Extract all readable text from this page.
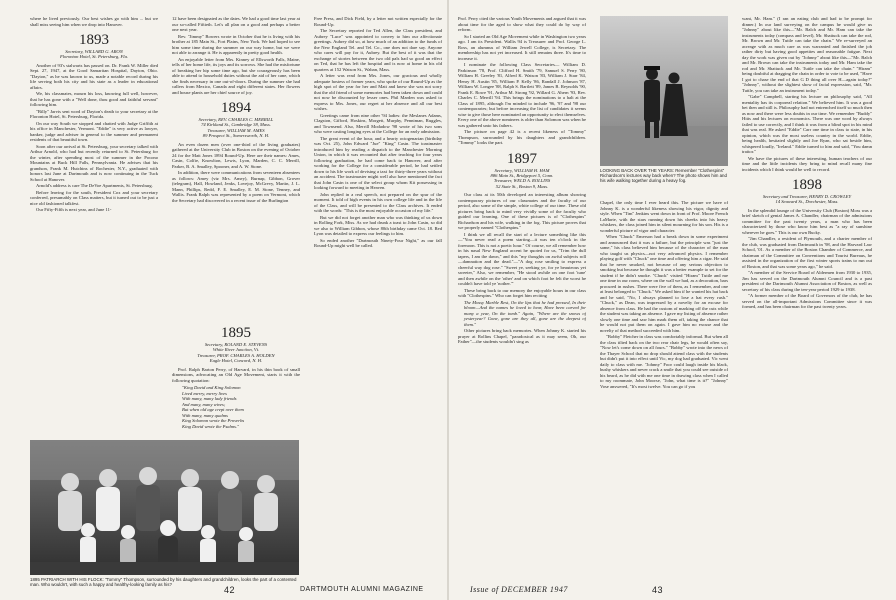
where he lived previously. Our best wishes go with him ... but we shall miss seeing him when we drop into Hanover.

1893
Secretary, WILLARD G. ARON
Floronton Hotel, St. Petersburg, Fla.

Another of 93's stalwarts has passed on. Dr. Frank W. Miller died Sept. 27, 1947, at the Good Samaritan Hospital, Dayton, Ohio. "Dayton," as he was known to us, made a notable record during his life serving both his city and his state as a leader in educational affairs.

We, his classmates, mourn his loss, knowing full well, however, that he has gone with a "Well done, thou good and faithful servant" following him.

"Billy" Jarvis sent word of Dayton's death to your secretary at the Floronton Hotel, St. Petersburg, Florida.

On our way South we stopped and chatted with Judge Griffith at his office in Manchester, Vermont. "Eddie" is very active as lawyer, banker, judge and adviser in general to the summer and permanent residents of that beautiful town.

Soon after our arrival at St. Petersburg, your secretary talked with Arthur Arnold, who had but recently returned to St. Petersburg for the winter, after spending most of the summer in the Pocono Mountains at Buck Hill Falls, Pennsylvania. He advises that his grandson, Frank M. Hutchins of Rochester, N.Y., graduated with honors last June at Dartmouth and is now continuing in the Tuck School at Hanover.

Arnold's address is care The DeVoe Apartments, St. Petersburg.

Before leaving for the south, President Cox and your secretary conferred, presumably on Class matters, but it turned out to be just a nice old fashioned talkfest.

Our Fifty-Fifth is next year, and June 11-

12 have been designated as the dates. We had a good time last year at our so-called Fiftieth. Let's all plan on a good and perhaps a better one next year.

Rev. "Jimmy" Bowers wrote in October that he is living with his brother at 185 Main St., Fort Plains, New York. We had hoped to see him some time during the summer on our way home, but we were not able to arrange it. He is apparently in pretty good health.

An enjoyable letter from Mrs. Kinney of Ellsworth Falls, Maine, tells of her home life, its joys and its sorrows. She had the misfortune of breaking her hip some time ago, but she courageously has been able to attend to household duties without the aid of her cane, which she finds necessary in one out-of-doors. During the summer she had callers from Mexico, Canada and eight different states. Her flowers and house plants are her chief source of joy.

1894
Secretary, REV. CHARLES C. MERRILL
74 Kirkland St., Cambridge 38, Mass.
Treasurer, WILLIAM M. AMES
89 Prospect St., Somersworth, N. H.

An even dozen men (over one-third of the living graduates) gathered at the University Club in Boston on the evening of October 24 for the Matt Jones 1894 Round-Up. Here are their names: Ames, Casin, Colfie, Knowlton, Lewis, Lyon, Marden, C. C. Merrill, Parker, B. A. Smalley, Spooner, and A. W. Stone.

In addition, there were communications from seventeen absentees as follows: Amey (viz Mrs. Amey), Burnap, Gibbon, Grover (telegram), Hall, Howland, Jenks, Lovejoy, McGrevy, Martin, J. L. Mann, Phillips, Redd, F. E. Smalley, E. M. Stone, Tenney, and Wallis. Frank Ralph was represented by a poem on Vermont, which the Secretary had discovered in a recent issue of the Burlington

Free Press, and Dick Field, by a letter not written especially for the Round-Up.

The Secretary reported for Ted Allen, the Class president, and Aubrey "Luce" was appointed to convey to him our affectionate greetings. Aubrey did so, at how much of an addition to the funds of the New England Tel. and Tel. Co., one does not dare say. Anyone who cares will pay for it, Aubrey. But the best of it was that the exchange of stories between the two old pals had so good an effect on Ted, that he has left the hospital and is now at home in his old quarters at 152 Watson St., Waban, Mass.

A letter was read from Mrs. Jones, our gracious and wholly adequate hostess of former years, who spoke of our Round-Up as the high spot of the year for her and Matt and knew she was not sorry that the old friend of some memories had been taken down and could not now be discounted by lesser ones. Phil Marden was asked to express to Mrs. Jones, our regret at her absence and all our best wishes.

Greetings came from nine other '94 ladies: the Meslanes Adams, Clagston, Gifford, Hoskins, Morgett, Murphy, Penniman, Ruggles, and Townsend. Also, Merrill Modadow '98 wrote of his two sons who were casting longing eyes at the College for an early admission.

The great event of the hour, and a hearty octogenarian (birthday was Oct. 25), John Edward "Jue" "King" Casin. The toastmaster introduced him by reading a dispatch to the Manchester Morning Union, in which it was recounted that after teaching for four years following graduation, he had come back to Hanover, and after working for the College for a considerable period, he had settled down to his life work of devising a taxi for thirty-three years without an accident. The toastmaster might well also have mentioned the fact that John Casin is one of the select group whom Kit possessing in looking forward to meeting in Heaven.

John replied in a real speech, not prepared on the spur of the moment. It told of high events in his own college life and in the life of the Class, and will be presented to the Class archives. It ended with the words: "This is the most enjoyable occasion of my life."

But we did not forget another man who was thinking of us down in Rolling Fork, Miss. As we had drunk a toast to John Casin, so did we also to William Gibbon, whose 80th birthday came Oct. 18. Red Lyon was detailed to express our feelings to him.

So ended another "Dartmouth Ninety-Four Night," as our fall Round-Up might well be called.

1895 PATRIARCH WITH HIS FLOCK: "Tommy" Thompson, surrounded by his daughters and grandchildren, looks the part of a contented man. Who wouldn't, with such a happy and healthy-looking family as his?
42	DARTMOUTH ALUMNI MAGAZINE
1895
Secretary, ROLAND E. STEVENS
White River Junction, Vt.
Treasurer, PROF. CHARLES A. HOLDEN
Eagle Hotel, Concord, N. H.

Prof. Ralph Barton Perry, of Harvard, in his thin book of small dimensions, advocating an Old Age Movement, starts it with the following quotation:

"King David and King Solomon
Lived merry, merry lives
With many, many lady friends
And many, many wives;
But when old age crept over them
With many, many qualms
King Solomon wrote the Proverbs
King David wrote the Psalms."

Prof. Perry cited the various Youth Movements and argued that it was about time for the aged to show what they could do by way of reform.

So I started an Old Age Movement while in Washington two years ago. I am its President. Wallis 94 is Treasurer and Prof. George L. Ross, an alumnus of William Jewell College, is Secretary. The membership has not yet increased. It still remains three. It's time to increase it.

I nominate the following Class Secretaries— William D. Parkinson '78, Prof. Clifford H. Smith '79, Samuel S. Perry '80, William H. Greeley '81, Alfred K. Watson '83, William J. Starr '84, Henry H. Austin '85, William P. Kelly '86, Randall J. Johnson '87, William W. Longee '88, Ralph S. Bartlett '89, James B. Reynolds '90, Frank E. Rowe '91, Arthur M. Strong '92, Willard G. Ahern '93, Rev. Charles C. Merrill '94. This brings the nominations to a halt at the Class of 1895, although I'm minded to include '96, '97 and '98 our contemporaries; but before increasing the list of candidates it seems wise to give those here nominated an opportunity to elect themselves. Every one of the above nominees is older than Solomon was when he was gathered unto his fathers.

The picture on page 42 is a recent likeness of "Tommy" Thompson, surrounded by his daughters and grandchildren. "Tommy" looks the part.

1897
Secretary, WILLIAM H. HAM
886 Main St., Bridgeport 5, Conn.
Treasurer, WELD A. ROLLINS
52 State St., Boston 9, Mass.

Our class at its 50th developed an interesting album showing contemporary pictures of our classmates and the faculty of our period, also some of the simple, white college of our time. These old pictures bring back to mind very vividly some of the faculty who guided our learning. One of these pictures is of "Clothespins" Richardson and his wife, walking in the fog. This picture proves that we properly named "Clothespins."

I think we all recall the start of a lecture something like this—"You never read a poem starting—it was ten o'clock in the forenoon. This is not a poetic hour." Of course, we all remember how in his nasal New England accent he quoted for us, "Trim the dull tapers, I am the dawn," and this "my thoughts on awful subjects roll—damnation and the dead."—"A dog rose smiling to express a cheerful way dog rose." "Sweet ye, seeking ye, for ye beauteous yet sweeter," Also, we remember, "He stood awhile on one foot 'tune' and then awhile on the 'other' and on which foot he felt the worst he couldn't have told ye 'nother.'"

These bring back to our memory the enjoyable hours in our class with "Clothespins." Who can forget him reciting

The Mossy Marble Rest, On the lips that he had pressed, In their bloom—And the names he loved to hear, Have been carved for many a year, On the tomb." Again, "Where are the snows of yesteryear? Gone, gone are they all, gone are the deepest of them."

Other pictures bring back memories. When Johnny K. started his prayer at Rollins Chapel, "paradoxical as it may seem, Oh, our Father"—the students wouldn't sing as

LOOKING BACK OVER THE YEARS: Remember "Clothespins" Richardson's lectures way back when? The photo shows him and his wife walking together during a heavy fog.

Chapel, the only time I ever heard this. The picture we have of Johnny K. is a wonderful likeness showing his vigor, dignity and style. When "Tim" Jenkins went down in front of Prof. Moore French LaMarte, with the stars running down his cheeks into his heavy whiskers, the class joined him in silent mourning for his son. His is a wonderful picture of vigor and character.

When "Chuck" Emerson had a break down in some experiment and announced that it was a failure, but the principle was "just the same," his class believed him because of the character of the man who taught us physics—not very advanced physics. I remember playing golf with "Chuck" one time and offering him a cigar. He said that he never smoked, not because of any serious objection to smoking but because he thought it was a better example to set for the student if he didn't smoke. "Chuck" visited "Hiram" Tuttle and me one time in our room, where on the wall we had, as a decoration, bars procured in rushes. There were five of them, as I remember, and one at least belonged to "Chuck." We asked him if he wanted his hat back and he said, "No, I always planned to lose a hat every rush." "Chuck," as Dean, was impressed by a novelty for an excuse for absence from class. He had the custom of marking off the cuts while the student was taking an absence. I gave my listing of absence rather slowly one time and saw him mark them off, taking the chance that he would not put them on again. I gave him no excuse and the novelty of that method succeeded with him.

"Bobby" Fletcher in class was comfortably informal. But when all the class tilted back on the two rear chair legs, he would often say, "Now let's come down on all fours." "Bobby" wrote into the news of the Thayer School that no drop should attend class with the students but didn't put it into effect until Vic, my dog had graduated. Vic went daily to class with me. "Johnny" Foor could laugh inside his black, bushy whiskers and never crack a smile that you could see outside of his beard, as he did with me one time in drawing class when I called to my roommate, John Moorse, "John, what time is it?" "Johnny" Vose answered, "It's most twelve. You can go if you

want, Mr. Ham." (I ran an eating club and had to be prompt for dinner.) In our land surveying on the campus he would give us "Johnny" about like this—"Mr. Balch and Mr. Ham can take the instruments today (compass and level), Mr. Shattuck can take the rod, Mr. Brown and Mr. Tuttle can take the chain." We re-surveyed an acreage with as much care as was warranted and finished the job rather dirty but having good appetites and reasonable fatigue. Next day the work was given out by "Johnny" about like this—"Mr. Balch and Mr. Brown can take the instruments today and Mr. Ham take the rod and Mr. Shattuck and Mr. Tuttle can take the chain." "Hiram" being doubtful at dragging the chain in order to vote to be used, "Have I got to chase the end of that G D thing all over H—again today?" "Johnny", without the slightest show of facial expression, said, "Mr. Tuttle, you can take an instrument today."

"Gabe" Campbell, starting his lecture on philosophy said, "All mentality has its corporeal relation." We believed him. It was a good bet then and still is. Philosophy had not entrenched itself so much then as now and there were less doubts in our time. We remember "Buddy" Hitts and his lectures on economics. There was one word by always failed to use correctly, and I think it was from a blind spot in his mind that was real. He asked "Eddie" Carr one time in class to state, in his opinion, which was the most useless country in the world. Eddie, being health, hesitated slightly and Joe Ryan, who sat beside him, whispered loudly, "Ireland." Eddie turned to him and said, "You damn traitor."

We have the pictures of these interesting, human teachers of our time and the little incidents they bring to mind recall many fine incidents which I think would be well to record.

1898
Secretary and Treasurer, HENRY D. CROWLEY
14 Seaward St., Dorchester, Mass.

In the splendid lounge of the University Club (Boston) Moss was a brief sketch of genial James A. Chandler, chairman of the admissions committee for the past twenty years, a man who has been characterized by those who know him best as "a ray of sunshine wherever he goes." This is our own Bucky.

"Jim Chandler, a resident of Plymouth, and a charter member of the club, was graduated from Dartmouth in '98, and the Harvard Law School, '01. As a member of the Boston Chamber of Commerce, and chairman of the Committee on Conventions and Tourist Bureaus, he assisted in the organization of the first winter sports trains to run out of Boston, and that was some years ago," he said.

"A member of the Service Board of Aldermen from 1930 to 1935, Jim has served on the Dartmouth Alumni Council and is a past president of the Dartmouth Alumni Association of Boston, as well as secretary of his class during the ten-year period 1929 to 1938.

"A former member of the Board of Governors of the club, he has served on the all-important Admissions Committee since it was formed, and has been chairman for the past twenty years.

Issue of DECEMBER 1947	43
